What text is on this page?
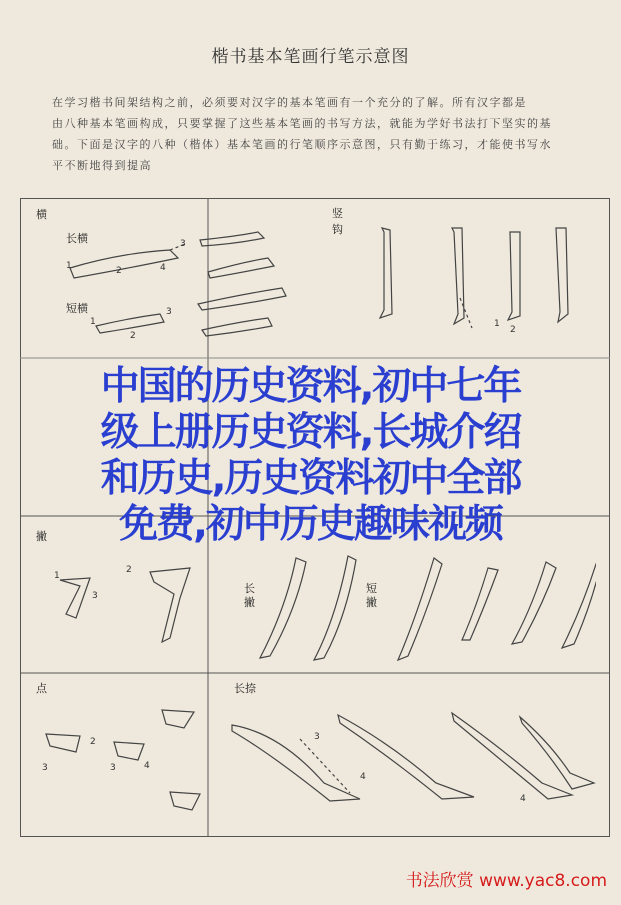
楷书基本笔画行笔示意图

在学习楷书间架结构之前，必须要对汉字的基本笔画有一个充分的了解。所有汉字都是

由八种基本笔画构成，只要掌握了这些基本笔画的书写方法，就能为学好书法打下坚实的基

础。下面是汉字的八种（楷体）基本笔画的行笔顺序示意图，只有勤于练习，才能使书写水

平不断地得到提高

横
长横
短横
竖钩
撇
长撇
短撇
点	长捺
1	2
3
4
1
2
3
1
2
1
2
3
3
2
3	4
3
4
4
中国的历史资料,初中七年
级上册历史资料,长城介绍
和历史,历史资料初中全部
免费,初中历史趣味视频
书法欣赏 www.yac8.com
